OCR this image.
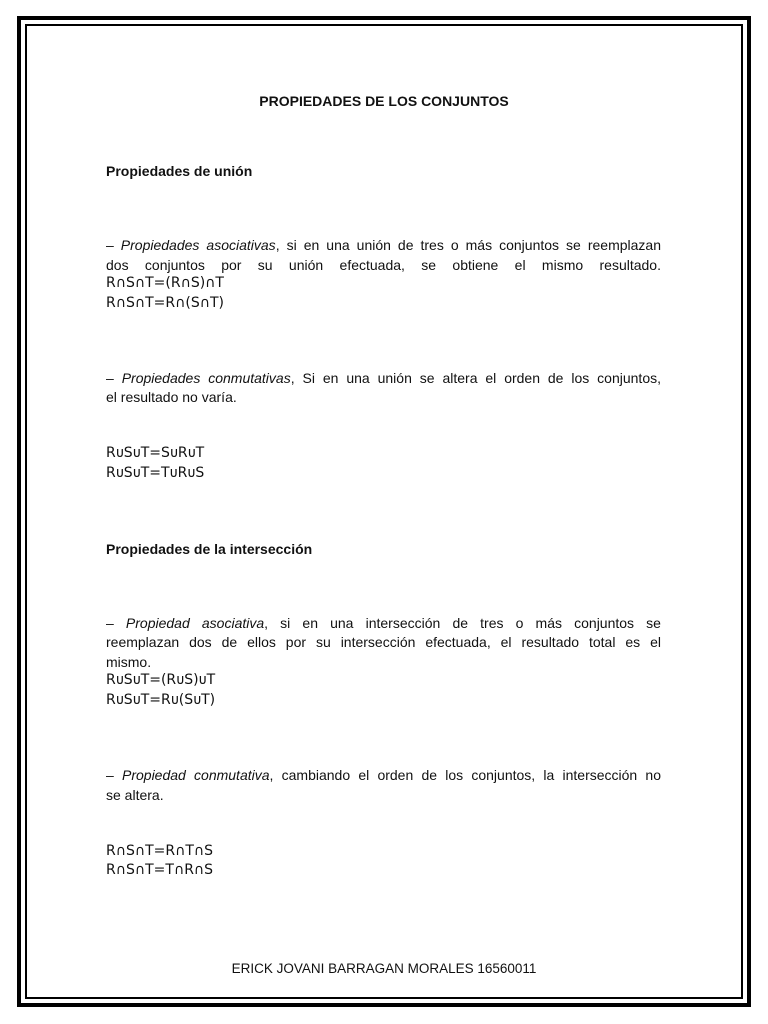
PROPIEDADES DE LOS CONJUNTOS
Propiedades de unión
– Propiedades asociativas, si en una unión de tres o más conjuntos se reemplazan
dos conjuntos por su unión efectuada, se obtiene el mismo resultado.
R∩S∩T=(R∩S)∩T
R∩S∩T=R∩(S∩T)
– Propiedades conmutativas, Si en una unión se altera el orden de los conjuntos,
el resultado no varía.
RᴜSᴜT=SᴜRᴜT
RᴜSᴜT=TᴜRᴜS
Propiedades de la intersección
– Propiedad asociativa, si en una intersección de tres o más conjuntos se
reemplazan dos de ellos por su intersección efectuada, el resultado total es el
mismo.
RᴜSᴜT=(RᴜS)ᴜT
RᴜSᴜT=Rᴜ(SᴜT)
– Propiedad conmutativa, cambiando el orden de los conjuntos, la intersección no
se altera.
R∩S∩T=R∩T∩S
R∩S∩T=T∩R∩S
ERICK JOVANI BARRAGAN MORALES 16560011
